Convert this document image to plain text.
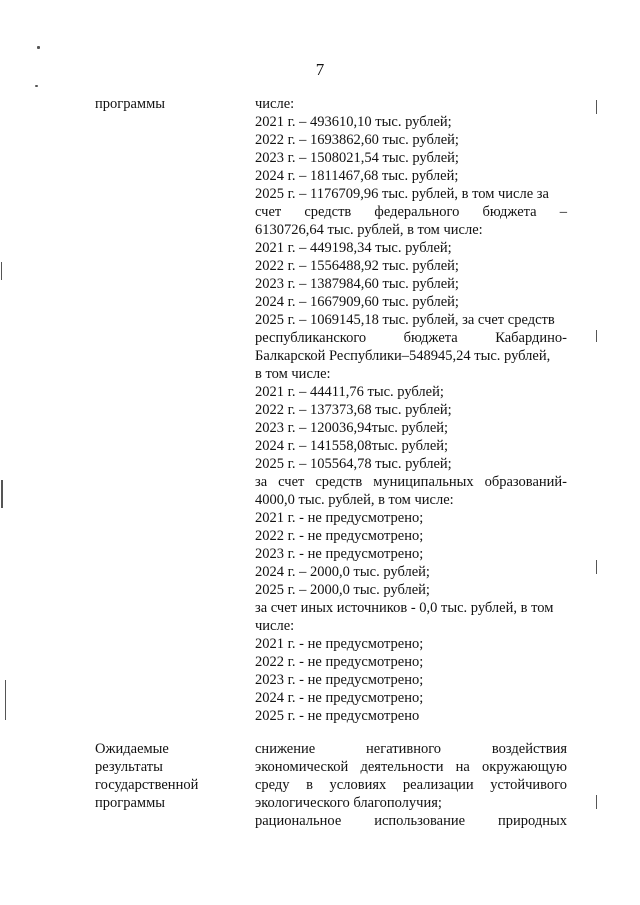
7
программы	числе:
2021 г. – 493610,10 тыс. рублей;
2022 г. – 1693862,60 тыс. рублей;
2023 г. – 1508021,54 тыс. рублей;
2024 г. – 1811467,68 тыс. рублей;
2025 г. – 1176709,96 тыс. рублей, в том числе за
счет средств федерального бюджета –
6130726,64 тыс. рублей, в том числе:
2021 г. – 449198,34 тыс. рублей;
2022 г. – 1556488,92 тыс. рублей;
2023 г. – 1387984,60 тыс. рублей;
2024 г. – 1667909,60 тыс. рублей;
2025 г. – 1069145,18 тыс. рублей, за счет средств
республиканского бюджета Кабардино-
Балкарской Республики–548945,24 тыс. рублей,
в том числе:
2021 г. – 44411,76 тыс. рублей;
2022 г. – 137373,68 тыс. рублей;
2023 г. – 120036,94тыс. рублей;
2024 г. – 141558,08тыс. рублей;
2025 г. – 105564,78 тыс. рублей;
за счет средств муниципальных образований-
4000,0 тыс. рублей, в том числе:
2021 г. - не предусмотрено;
2022 г. - не предусмотрено;
2023 г. - не предусмотрено;
2024 г. – 2000,0 тыс. рублей;
2025 г. – 2000,0 тыс. рублей;
за счет иных источников - 0,0 тыс. рублей, в том
числе:
2021 г. - не предусмотрено;
2022 г. - не предусмотрено;
2023 г. - не предусмотрено;
2024 г. - не предусмотрено;
2025 г. - не предусмотрено
Ожидаемые
результаты
государственной
программы
снижение негативного воздействия
экономической деятельности на окружающую
среду в условиях реализации устойчивого
экологического благополучия;
рациональное использование природных
